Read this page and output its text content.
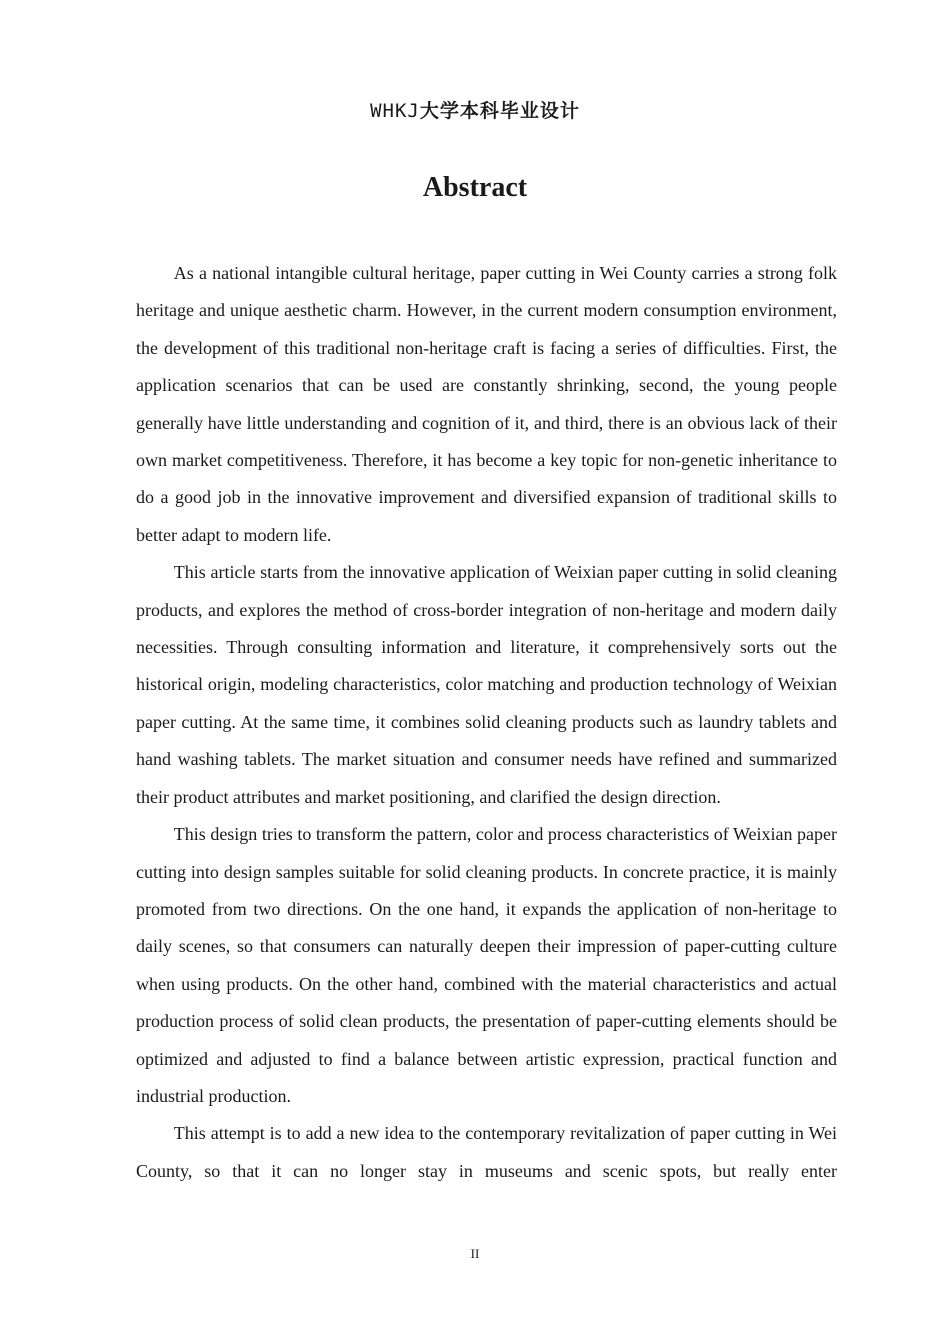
WHKJ大学本科毕业设计
Abstract

As a national intangible cultural heritage, paper cutting in Wei County carries a strong folk heritage and unique aesthetic charm. However, in the current modern consumption environment, the development of this traditional non-heritage craft is facing a series of difficulties. First, the application scenarios that can be used are constantly shrinking, second, the young people generally have little understanding and cognition of it, and third, there is an obvious lack of their own market competitiveness. Therefore, it has become a key topic for non-genetic inheritance to do a good job in the innovative improvement and diversified expansion of traditional skills to better adapt to modern life.

This article starts from the innovative application of Weixian paper cutting in solid cleaning products, and explores the method of cross-border integration of non-heritage and modern daily necessities. Through consulting information and literature, it comprehensively sorts out the historical origin, modeling characteristics, color matching and production technology of Weixian paper cutting. At the same time, it combines solid cleaning products such as laundry tablets and hand washing tablets. The market situation and consumer needs have refined and summarized their product attributes and market positioning, and clarified the design direction.

This design tries to transform the pattern, color and process characteristics of Weixian paper cutting into design samples suitable for solid cleaning products. In concrete practice, it is mainly promoted from two directions. On the one hand, it expands the application of non-heritage to daily scenes, so that consumers can naturally deepen their impression of paper-cutting culture when using products. On the other hand, combined with the material characteristics and actual production process of solid clean products, the presentation of paper-cutting elements should be optimized and adjusted to find a balance between artistic expression, practical function and industrial production.

This attempt is to add a new idea to the contemporary revitalization of paper cutting in Wei County, so that it can no longer stay in museums and scenic spots, but really enter

II
